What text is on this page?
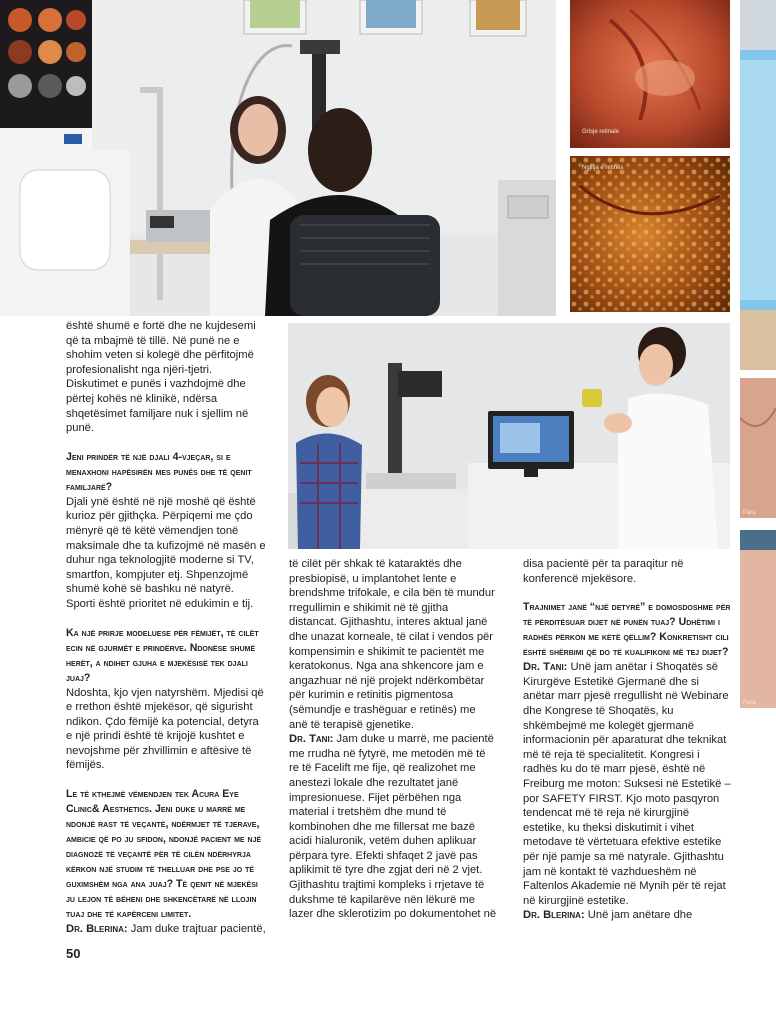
Grisje retinale
Ngjitja e retinës
Para
Para

është shumë e fortë dhe ne kujdesemi që ta mbajmë të tillë. Në punë ne e shohim veten si kolegë dhe përfitojmë profesionalisht nga njëri-tjetri. Diskutimet e punës i vazhdojmë dhe përtej kohës në klinikë, ndërsa shqetësimet familjare nuk i sjellim në punë.

Jeni prindër të një djali 4-vjeçar, si e menaxhoni hapësirën mes punës dhe të qenit familjarë?

Djali ynë është në një moshë që është kurioz për gjithçka. Përpiqemi me çdo mënyrë që të këtë vëmendjen tonë maksimale dhe ta kufizojmë në masën e duhur nga teknologjitë moderne si TV, smartfon, kompjuter etj. Shpenzojmë shumë kohë së bashku në natyrë. Sporti është prioritet në edukimin e tij.

Ka një prirje modeluese për fëmijët, të cilët ecin në gjurmët e prindërve. Ndonëse shumë herët, a ndihet gjuha e mjekësisë tek djali juaj?

Ndoshta, kjo vjen natyrshëm. Mjedisi që e rrethon është mjekësor, që sigurisht ndikon. Çdo fëmijë ka potencial, detyra e një prindi është të krijojë kushtet e nevojshme për zhvillimin e aftësive të fëmijës.

Le të kthejmë vëmendjen tek Acura Eye Clinic& Aesthetics. Jeni duke u marrë me ndonjë rast të veçantë, ndërmjet të tjerave, ambicie që po ju sfidon, ndonjë pacient me një diagnozë të veçantë për të cilën ndërhyrja kërkon një studim të thelluar dhe pse jo të guximshëm nga ana juaj? Të qenit në mjekësi ju lejon të bëheni dhe shkencëtarë në llojin tuaj dhe të kapërceni limitet.

Dr. Blerina: Jam duke trajtuar pacientë,

të cilët për shkak të kataraktës dhe presbiopisë, u implantohet lente e brendshme trifokale, e cila bën të mundur rregullimin e shikimit në të gjitha distancat. Gjithashtu, interes aktual janë dhe unazat korneale, të cilat i vendos për kompensimin e shikimit te pacientët me keratokonus. Nga ana shkencore jam e angazhuar në një projekt ndërkombëtar për kurimin e retinitis pigmentosa (sëmundje e trashëguar e retinës) me anë të terapisë gjenetike.

Dr. Tani: Jam duke u marrë, me pacientë me rrudha në fytyrë, me metodën më të re të Facelift me fije, që realizohet me anestezi lokale dhe rezultatet janë impresionuese. Fijet përbëhen nga material i tretshëm dhe mund të kombinohen dhe me fillersat me bazë acidi hialuronik, vetëm duhen aplikuar përpara tyre. Efekti shfaqet 2 javë pas aplikimit të tyre dhe zgjat deri në 2 vjet. Gjithashtu trajtimi kompleks i rrjetave të dukshme të kapilarëve nën lëkurë me lazer dhe sklerotizim po dokumentohet në

disa pacientë për ta paraqitur në konferencë mjekësore.

Trajnimet janë “një detyrë” e domosdoshme për të përditësuar dijet në punën tuaj? Udhëtimi i radhës përkon me këtë qëllim? Konkretisht cili është shërbimi që do të kualifikoni më tej dijet?

Dr. Tani: Unë jam anëtar i Shoqatës së Kirurgëve Estetikë Gjermanë dhe si anëtar marr pjesë rregullisht në Webinare dhe Kongrese të Shoqatës, ku shkëmbejmë me kolegët gjermanë informacionin për aparaturat dhe teknikat më të reja të specialitetit. Kongresi i radhës ku do të marr pjesë, është në Freiburg me moton: Suksesi në Estetikë – por SAFETY FIRST. Kjo moto pasqyron tendencat më të reja në kirurgjinë estetike, ku theksi diskutimit i vihet metodave të vërtetuara efektive estetike për një pamje sa më natyrale. Gjithashtu jam në kontakt të vazhdueshëm në Faltenlos Akademie në Mynih për të rejat në kirurgjinë estetike.

Dr. Blerina: Unë jam anëtare dhe

50
